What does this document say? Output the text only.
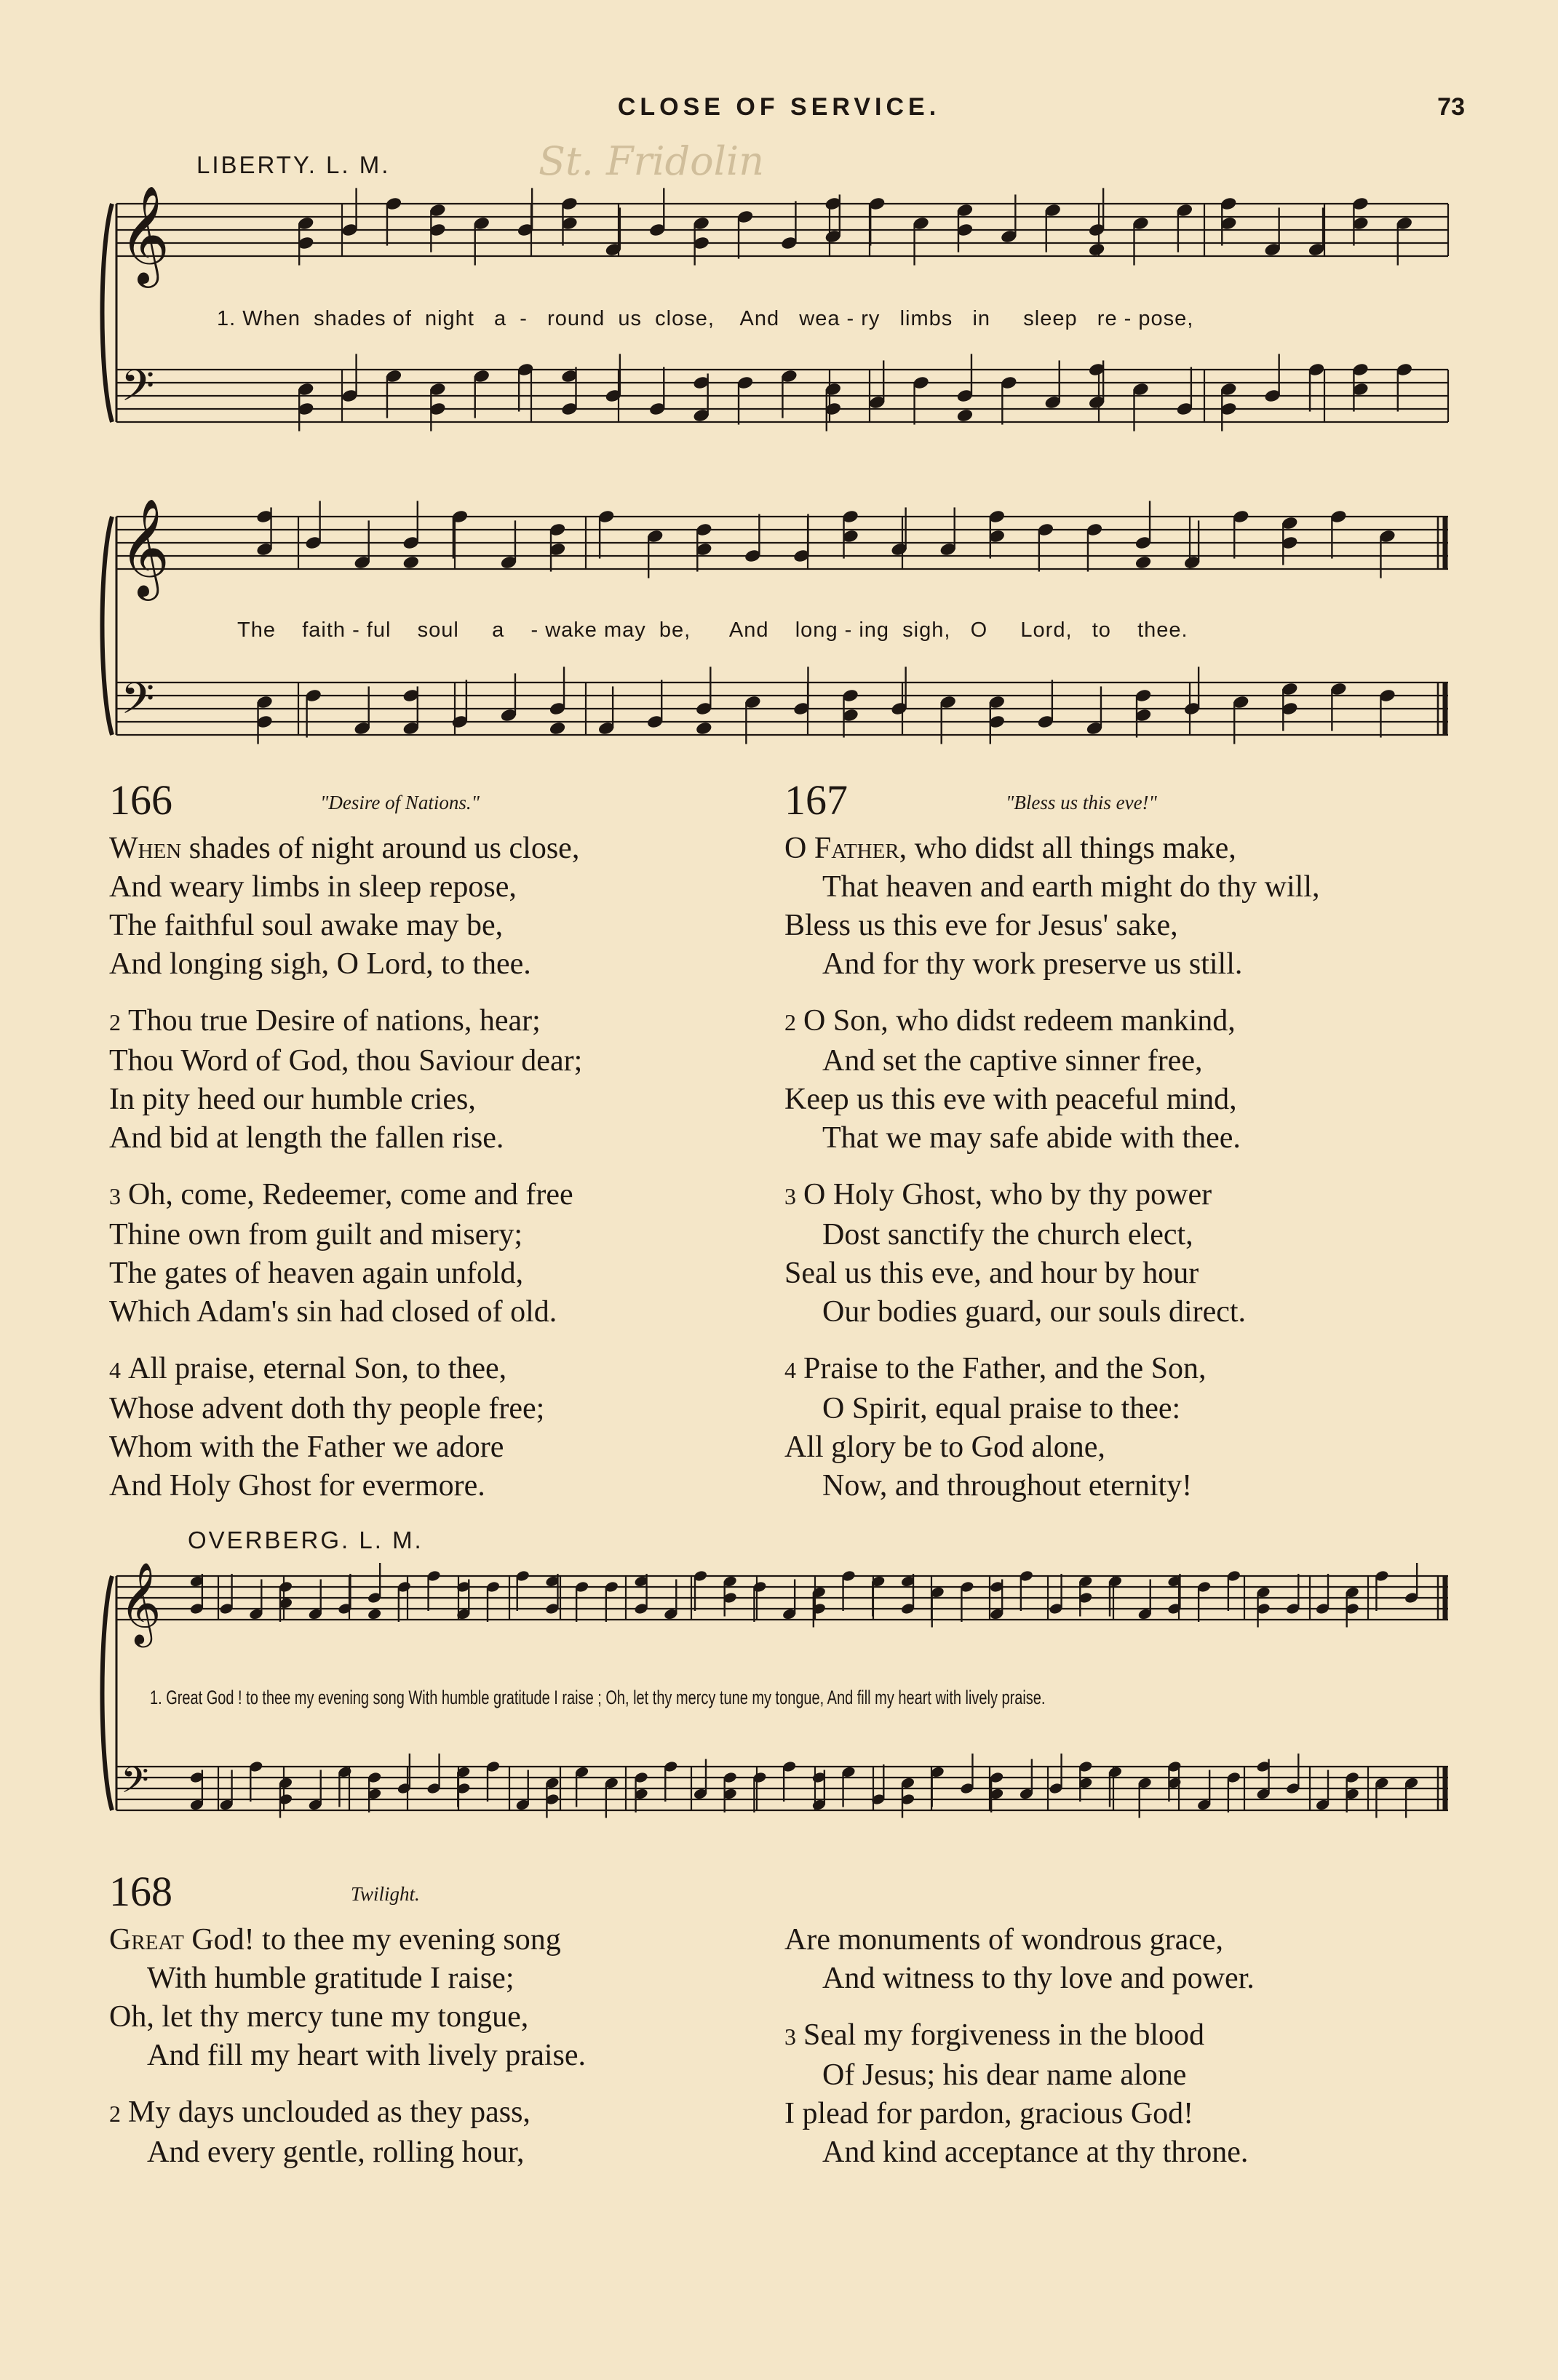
CLOSE OF SERVICE.	73
LIBERTY. L. M.	St. Fridolin
𝄞
𝄢
𝄞
𝄢
𝄞
𝄢
1. When  shades of  night   a  -   round  us  close,    And   wea - ry   limbs   in     sleep   re - pose,
The    faith - ful    soul     a    - wake may  be,      And    long - ing  sigh,   O     Lord,   to    thee.
166	"Desire of Nations."
When shades of night around us close,
And weary limbs in sleep repose,
The faithful soul awake may be,
And longing sigh, O Lord, to thee.
2 Thou true Desire of nations, hear;
Thou Word of God, thou Saviour dear;
In pity heed our humble cries,
And bid at length the fallen rise.
3 Oh, come, Redeemer, come and free
Thine own from guilt and misery;
The gates of heaven again unfold,
Which Adam's sin had closed of old.
4 All praise, eternal Son, to thee,
Whose advent doth thy people free;
Whom with the Father we adore
And Holy Ghost for evermore.
167	"Bless us this eve!"
O Father, who didst all things make,
That heaven and earth might do thy will,
Bless us this eve for Jesus' sake,
And for thy work preserve us still.
2 O Son, who didst redeem mankind,
And set the captive sinner free,
Keep us this eve with peaceful mind,
That we may safe abide with thee.
3 O Holy Ghost, who by thy power
Dost sanctify the church elect,
Seal us this eve, and hour by hour
Our bodies guard, our souls direct.
4 Praise to the Father, and the Son,
O Spirit, equal praise to thee:
All glory be to God alone,
Now, and throughout eternity!
OVERBERG. L. M.
1. Great God ! to thee my evening song With humble gratitude I raise ; Oh, let thy mercy tune my tongue, And fill my heart with lively praise.
168	Twilight.
Great God! to thee my evening song
With humble gratitude I raise;
Oh, let thy mercy tune my tongue,
And fill my heart with lively praise.
2 My days unclouded as they pass,
And every gentle, rolling hour,
Are monuments of wondrous grace,
And witness to thy love and power.
3 Seal my forgiveness in the blood
Of Jesus; his dear name alone
I plead for pardon, gracious God!
And kind acceptance at thy throne.
